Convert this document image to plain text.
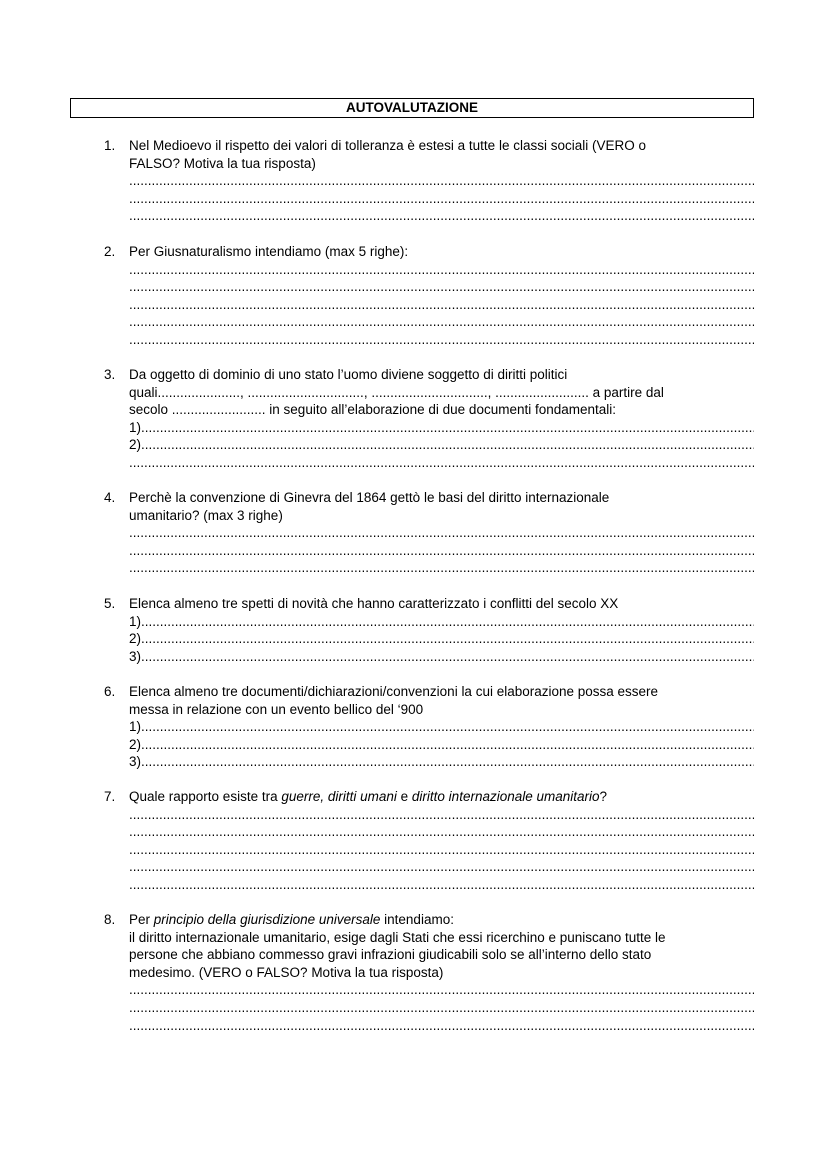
AUTOVALUTAZIONE
1. Nel Medioevo il rispetto dei valori di tolleranza è estesi a tutte le classi sociali (VERO o
FALSO? Motiva la tua risposta)
.....
.....
.....
2. Per Giusnaturalismo intendiamo (max 5 righe):
.....
.....
.....
.....
.....
3. Da oggetto di dominio di uno stato l’uomo diviene soggetto di diritti politici
quali......................, ..............................., ..............................., ......................... a partire dal
secolo ......................... in seguito all’elaborazione di due documenti fondamentali:
1) .....
2) .....
.....
4. Perchè la convenzione di Ginevra del 1864 gettò le basi del diritto internazionale
umanitario? (max 3 righe)
.....
.....
.....
5. Elenca almeno tre spetti di novità che hanno caratterizzato i conflitti del secolo XX
1) .....
2) .....
3) .....
6. Elenca almeno tre documenti/dichiarazioni/convenzioni la cui elaborazione possa essere
messa in relazione con un evento bellico del ‘900
1) .....
2) .....
3) .....
7. Quale rapporto esiste tra guerre, diritti umani e diritto internazionale umanitario?
.....
.....
.....
.....
.....
8. Per principio della giurisdizione universale intendiamo:
il diritto internazionale umanitario, esige dagli Stati che essi ricerchino e puniscano tutte le
persone che abbiano commesso gravi infrazioni giudicabili solo se all’interno dello stato
medesimo. (VERO o FALSO? Motiva la tua risposta)
.....
.....
.....
